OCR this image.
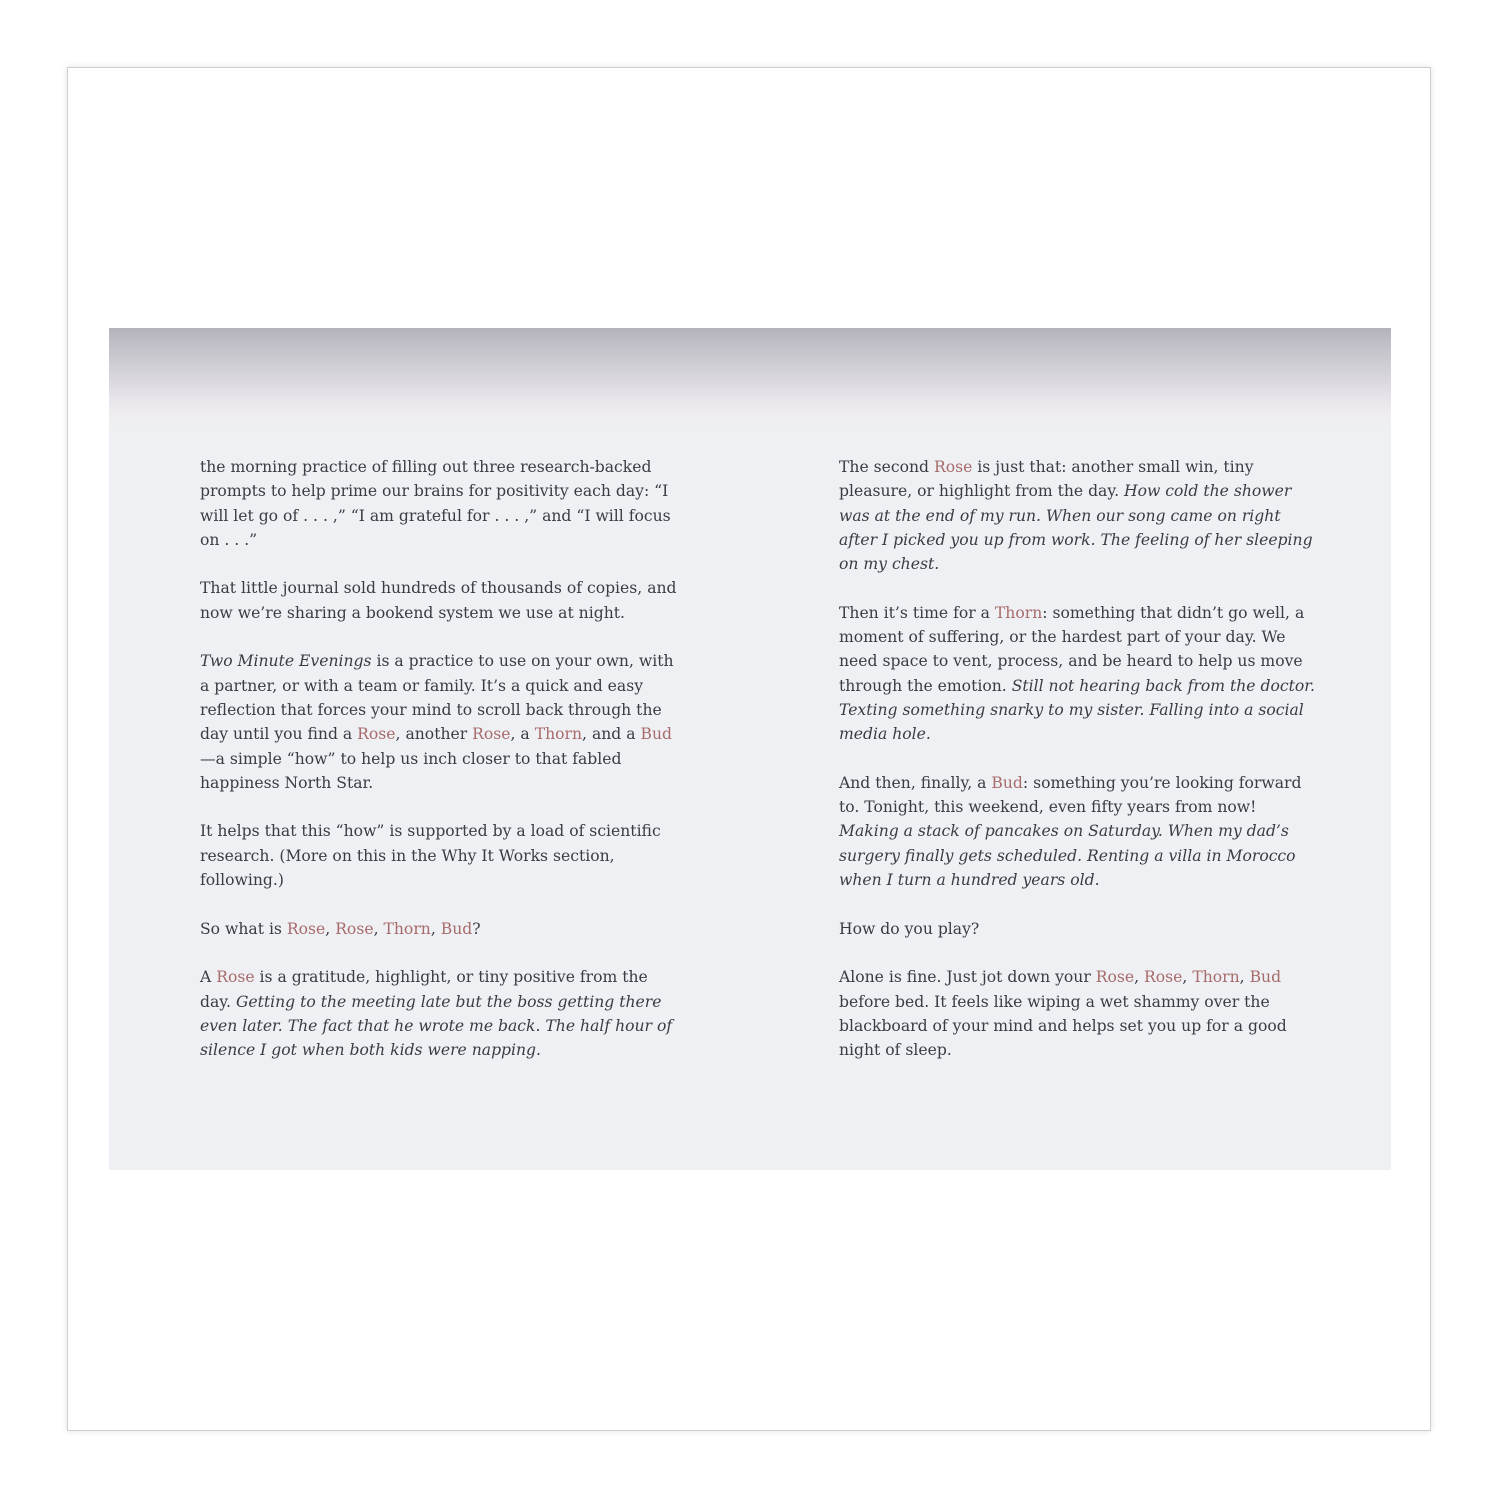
the morning practice of filling out three research-backed prompts to help prime our brains for positivity each day: “I will let go of . . . ,” “I am grateful for . . . ,” and “I will focus on . . .”

That little journal sold hundreds of thousands of copies, and now we’re sharing a bookend system we use at night.

Two Minute Evenings is a practice to use on your own, with a partner, or with a team or family. It’s a quick and easy reflection that forces your mind to scroll back through the day until you find a Rose, another Rose, a Thorn, and a Bud—a simple “how” to help us inch closer to that fabled happiness North Star.

It helps that this “how” is supported by a load of scientific research. (More on this in the Why It Works section, following.)

So what is Rose, Rose, Thorn, Bud?

A Rose is a gratitude, highlight, or tiny positive from the day. Getting to the meeting late but the boss getting there even later. The fact that he wrote me back. The half hour of silence I got when both kids were napping.

The second Rose is just that: another small win, tiny pleasure, or highlight from the day. How cold the shower was at the end of my run. When our song came on right after I picked you up from work. The feeling of her sleeping on my chest.

Then it’s time for a Thorn: something that didn’t go well, a moment of suffering, or the hardest part of your day. We need space to vent, process, and be heard to help us move through the emotion. Still not hearing back from the doctor. Texting something snarky to my sister. Falling into a social media hole.

And then, finally, a Bud: something you’re looking forward to. Tonight, this weekend, even fifty years from now! Making a stack of pancakes on Saturday. When my dad’s surgery finally gets scheduled. Renting a villa in Morocco when I turn a hundred years old.

How do you play?

Alone is fine. Just jot down your Rose, Rose, Thorn, Bud before bed. It feels like wiping a wet shammy over the blackboard of your mind and helps set you up for a good night of sleep.
